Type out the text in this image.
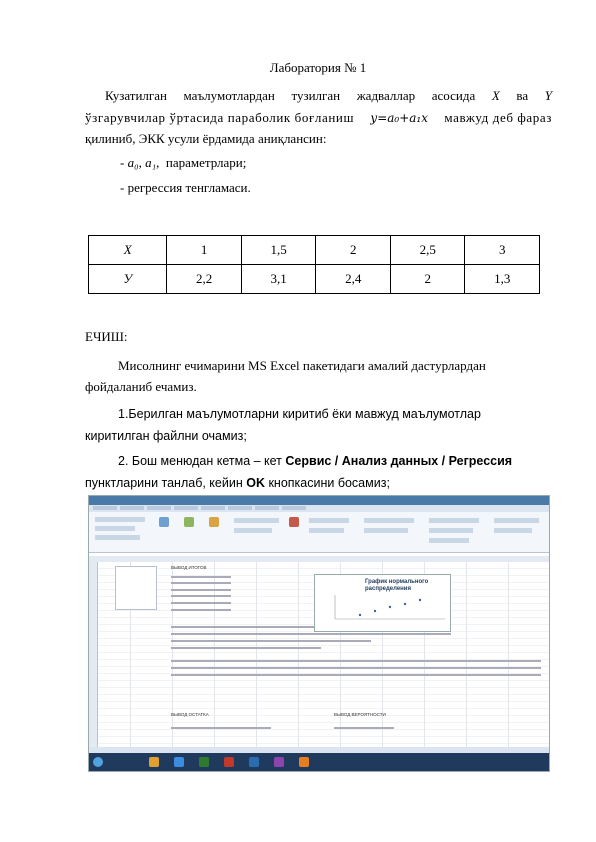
Лаборатория № 1
Кузатилган маълумотлардан тузилган жадваллар асосида X ва Y
ўзгарувчилар ўртасида параболик боғланиш y=a₀+a₁x мавжуд деб фараз
қилиниб, ЭКК усули ёрдамида аниқлансин:
- a₀, a₁,  параметрлари;
- регрессия тенгламаси.
X	1	1,5	2	2,5	3
У	2,2	3,1	2,4	2	1,3
ЕЧИШ:
Мисолнинг ечимарини MS Excel пакетидаги амалий дастурлардан
фойдаланиб ечамиз.
1.Берилган маълумотларни киритиб ёки мавжуд маълумотлар
киритилган файлни очамиз;
2. Бош менюдан кетма – кет Сервис / Анализ данных / Регрессия
пунктларини танлаб, кейин OK кнопкасини босамиз;
ВЫВОД ИТОГОВ
ВЫВОД ОСТАТКА	ВЫВОД ВЕРОЯТНОСТИ
График нормального распределения
